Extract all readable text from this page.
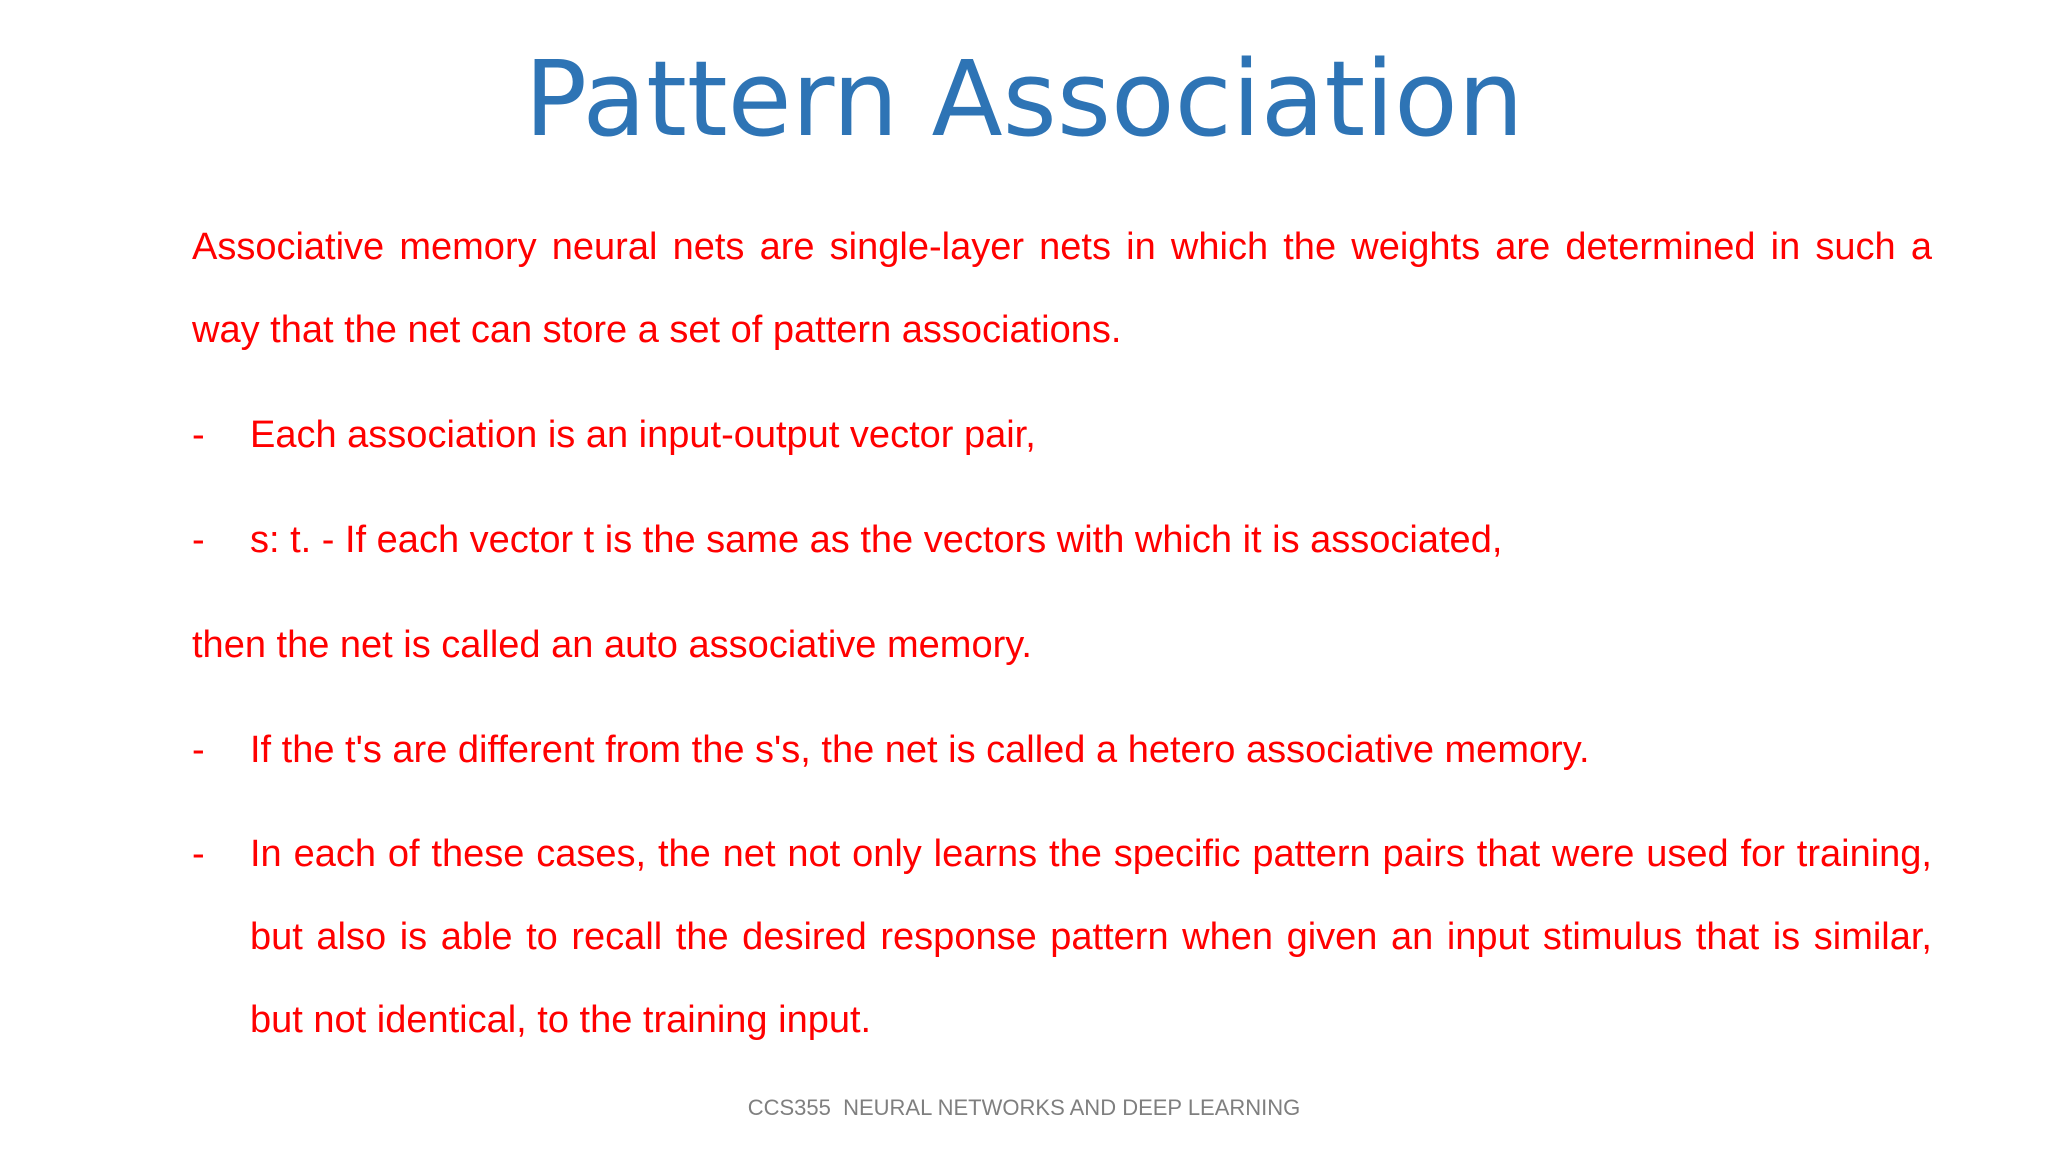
Pattern Association
Associative memory neural nets are single-layer nets in which the weights are determined in such a way that the net can store a set of pattern associations.
- Each association is an input-output vector pair,
- s: t. - If each vector t is the same as the vectors with which it is associated,
then the net is called an auto associative memory.
- If the t's are different from the s's, the net is called a hetero associative memory.
- In each of these cases, the net not only learns the specific pattern pairs that were used for training, but also is able to recall the desired response pattern when given an input stimulus that is similar, but not identical, to the training input.
CCS355  NEURAL NETWORKS AND DEEP LEARNING
